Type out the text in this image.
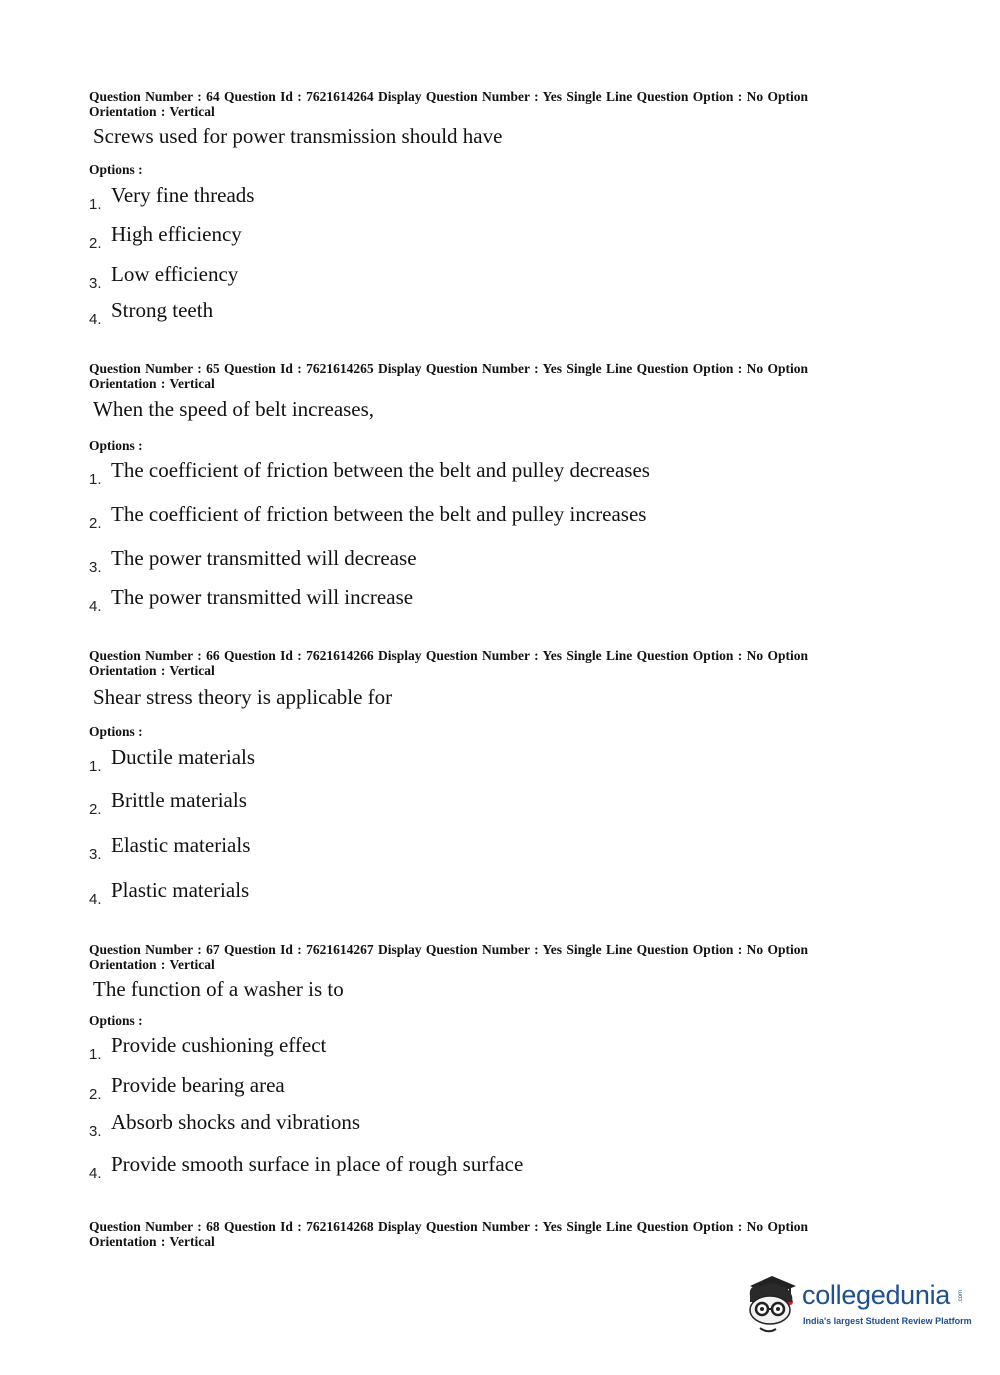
Question Number : 64 Question Id : 7621614264 Display Question Number : Yes Single Line Question Option : No Option Orientation : Vertical
Screws used for power transmission should have
Options :
1. Very fine threads
2. High efficiency
3. Low efficiency
4. Strong teeth
Question Number : 65 Question Id : 7621614265 Display Question Number : Yes Single Line Question Option : No Option Orientation : Vertical
When the speed of belt increases,
Options :
1. The coefficient of friction between the belt and pulley decreases
2. The coefficient of friction between the belt and pulley increases
3. The power transmitted will decrease
4. The power transmitted will increase
Question Number : 66 Question Id : 7621614266 Display Question Number : Yes Single Line Question Option : No Option Orientation : Vertical
Shear stress theory is applicable for
Options :
1. Ductile materials
2. Brittle materials
3. Elastic materials
4. Plastic materials
Question Number : 67 Question Id : 7621614267 Display Question Number : Yes Single Line Question Option : No Option Orientation : Vertical
The function of a washer is to
Options :
1. Provide cushioning effect
2. Provide bearing area
3. Absorb shocks and vibrations
4. Provide smooth surface in place of rough surface
Question Number : 68 Question Id : 7621614268 Display Question Number : Yes Single Line Question Option : No Option Orientation : Vertical
collegedunia .com
India's largest Student Review Platform
